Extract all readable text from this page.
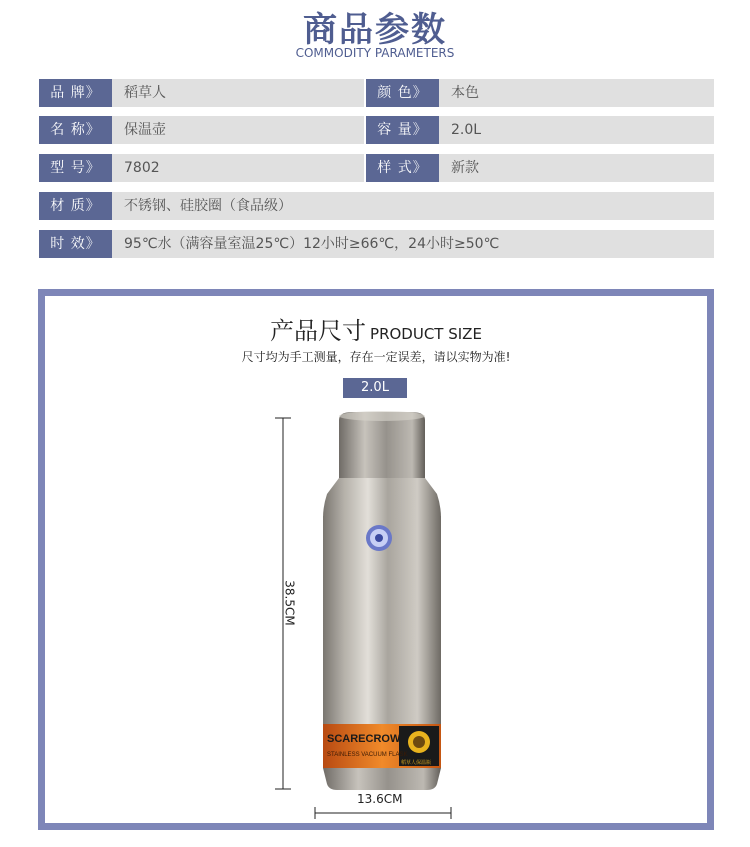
商品参数
COMMODITY PARAMETERS
品 牌》	稻草人	颜 色》	本色
名 称》	保温壶	容 量》	2.0L
型 号》	7802	样 式》	新款
材 质》	不锈钢、硅胶圈（食品级）
时 效》	95℃水（满容量室温25℃）12小时≥66℃，24小时≥50℃
产品尺寸 PRODUCT SIZE
尺寸均为手工测量，存在一定误差，请以实物为准!
2.0L
38.5CM
SCARECROW
STAINLESS VACUUM FLASK
稻草人保温瓶
13.6CM
